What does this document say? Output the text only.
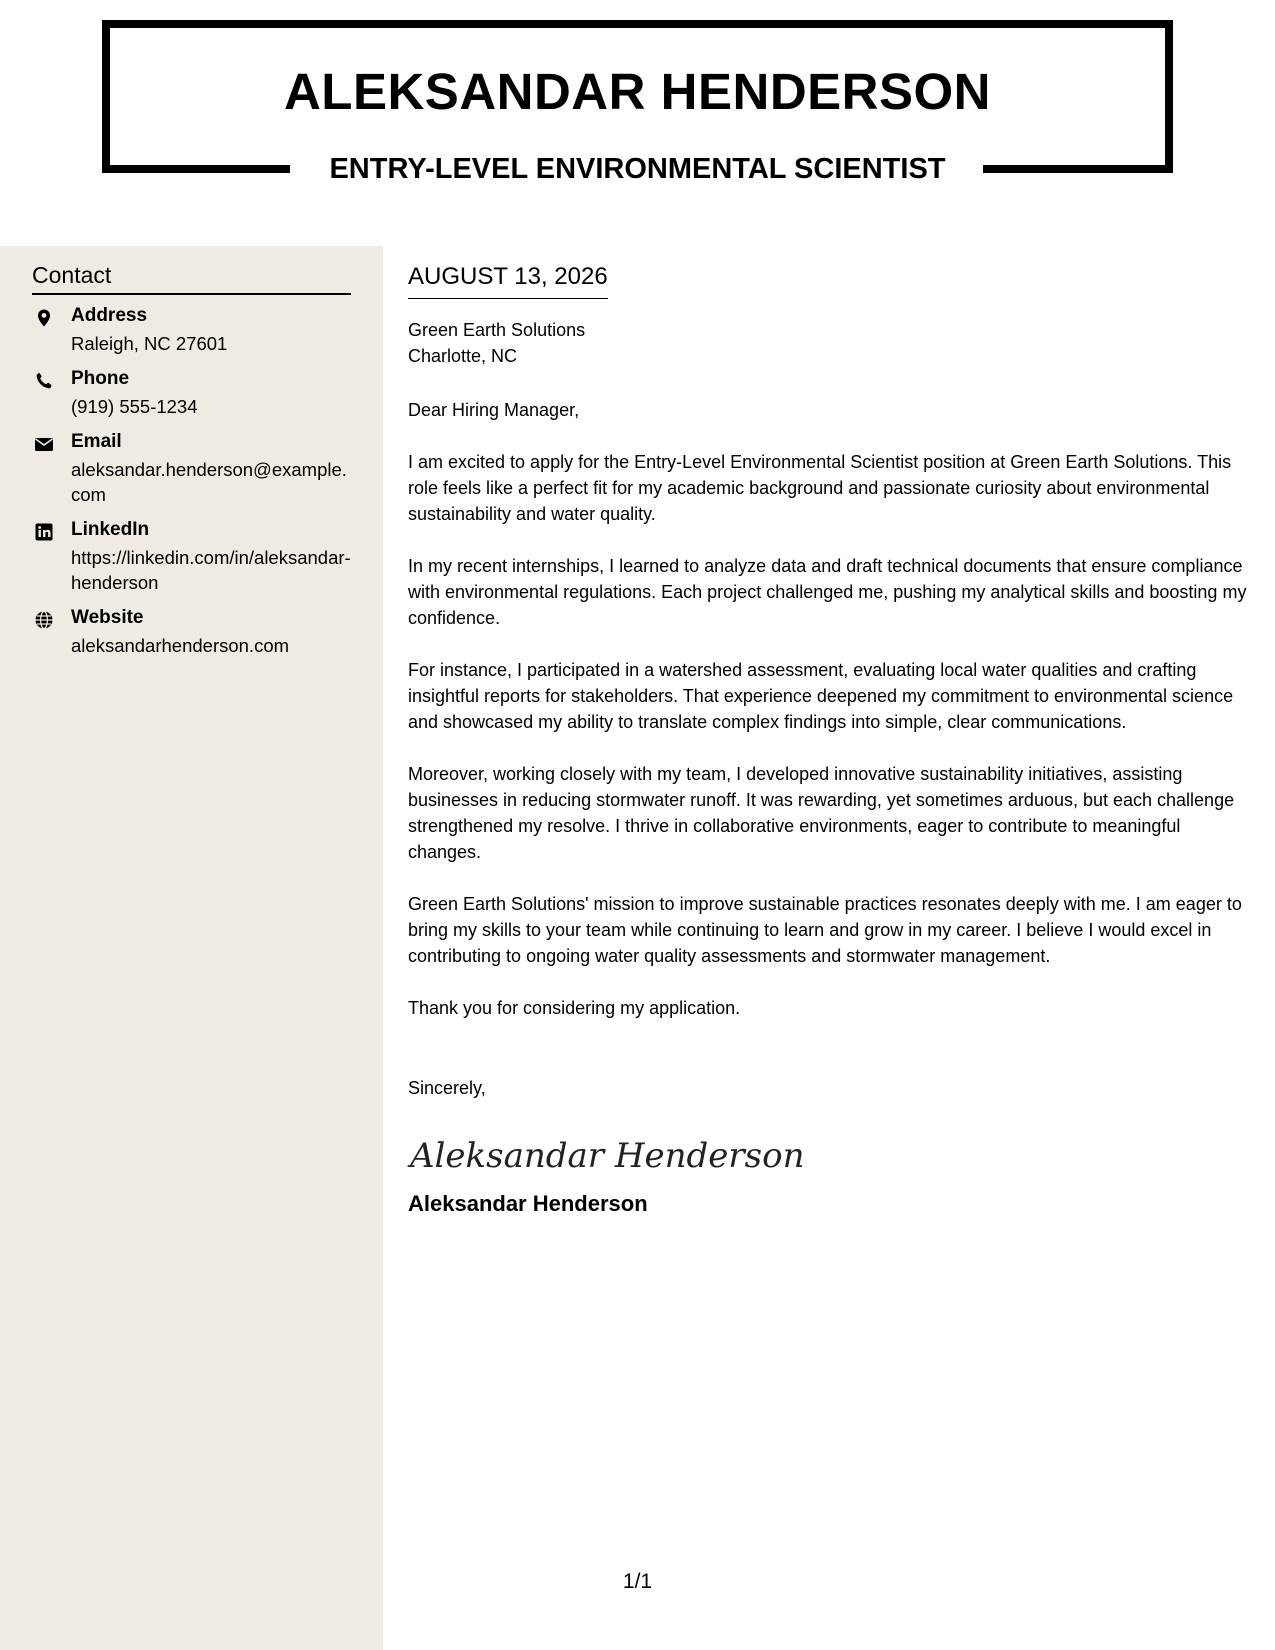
ALEKSANDAR HENDERSON
ENTRY-LEVEL ENVIRONMENTAL SCIENTIST
Contact
Address
Raleigh, NC 27601
Phone
(919) 555-1234
Email
aleksandar.henderson@example.com
LinkedIn
https://linkedin.com/in/aleksandar-henderson
Website
aleksandarhenderson.com
AUGUST 13, 2026
Green Earth Solutions
Charlotte, NC
Dear Hiring Manager,

I am excited to apply for the Entry-Level Environmental Scientist position at Green Earth Solutions. This role feels like a perfect fit for my academic background and passionate curiosity about environmental sustainability and water quality.

In my recent internships, I learned to analyze data and draft technical documents that ensure compliance with environmental regulations. Each project challenged me, pushing my analytical skills and boosting my confidence.

For instance, I participated in a watershed assessment, evaluating local water qualities and crafting insightful reports for stakeholders. That experience deepened my commitment to environmental science and showcased my ability to translate complex findings into simple, clear communications.

Moreover, working closely with my team, I developed innovative sustainability initiatives, assisting businesses in reducing stormwater runoff. It was rewarding, yet sometimes arduous, but each challenge strengthened my resolve. I thrive in collaborative environments, eager to contribute to meaningful changes.

Green Earth Solutions' mission to improve sustainable practices resonates deeply with me. I am eager to bring my skills to your team while continuing to learn and grow in my career. I believe I would excel in contributing to ongoing water quality assessments and stormwater management.

Thank you for considering my application.

Sincerely,
Aleksandar Henderson
Aleksandar Henderson
1/1
